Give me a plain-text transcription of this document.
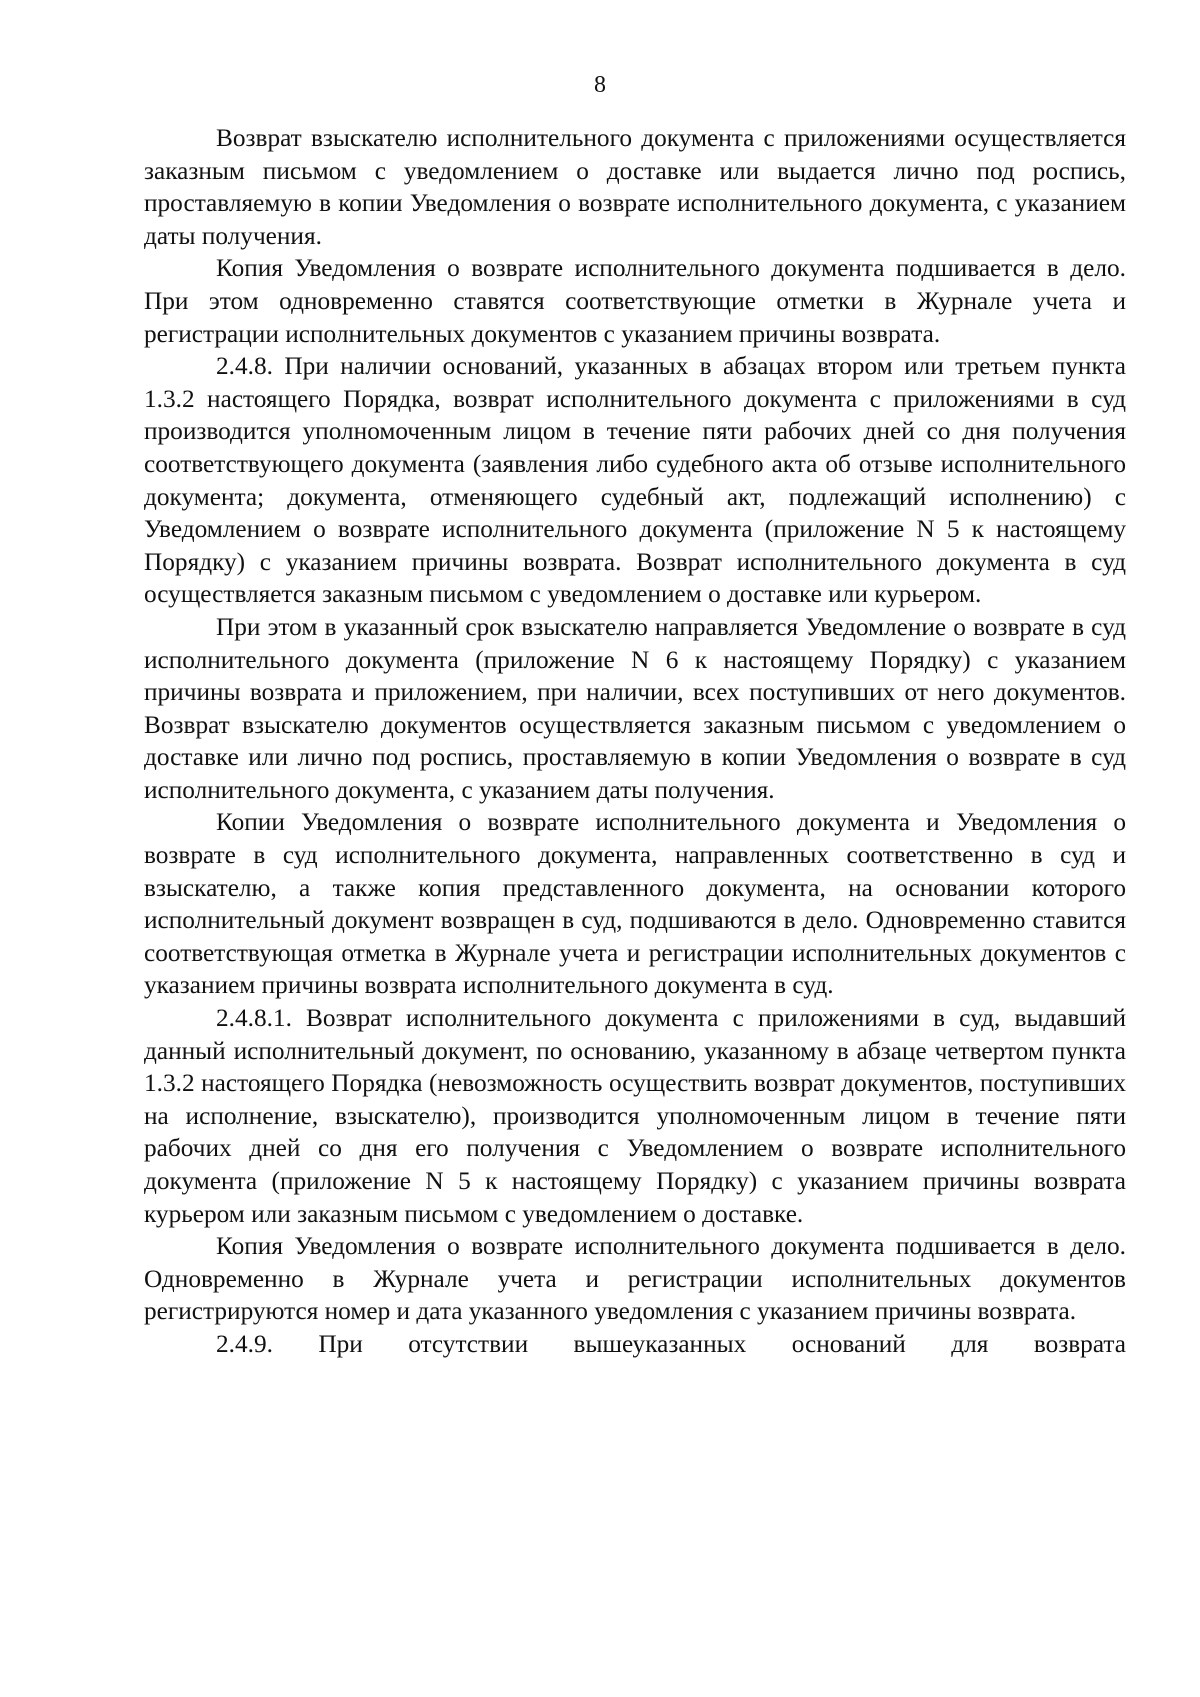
8

Возврат взыскателю исполнительного документа с приложениями осуществляется заказным письмом с уведомлением о доставке или выдается лично под роспись, проставляемую в копии Уведомления о возврате исполнительного документа, с указанием даты получения.

Копия Уведомления о возврате исполнительного документа подшивается в дело. При этом одновременно ставятся соответствующие отметки в Журнале учета и регистрации исполнительных документов с указанием причины возврата.

2.4.8. При наличии оснований, указанных в абзацах втором или третьем пункта 1.3.2 настоящего Порядка, возврат исполнительного документа с приложениями в суд производится уполномоченным лицом в течение пяти рабочих дней со дня получения соответствующего документа (заявления либо судебного акта об отзыве исполнительного документа; документа, отменяющего судебный акт, подлежащий исполнению) с Уведомлением о возврате исполнительного документа (приложение N 5 к настоящему Порядку) с указанием причины возврата. Возврат исполнительного документа в суд осуществляется заказным письмом с уведомлением о доставке или курьером.

При этом в указанный срок взыскателю направляется Уведомление о возврате в суд исполнительного документа (приложение N 6 к настоящему Порядку) с указанием причины возврата и приложением, при наличии, всех поступивших от него документов. Возврат взыскателю документов осуществляется заказным письмом с уведомлением о доставке или лично под роспись, проставляемую в копии Уведомления о возврате в суд исполнительного документа, с указанием даты получения.

Копии Уведомления о возврате исполнительного документа и Уведомления о возврате в суд исполнительного документа, направленных соответственно в суд и взыскателю, а также копия представленного документа, на основании которого исполнительный документ возвращен в суд, подшиваются в дело. Одновременно ставится соответствующая отметка в Журнале учета и регистрации исполнительных документов с указанием причины возврата исполнительного документа в суд.

2.4.8.1. Возврат исполнительного документа с приложениями в суд, выдавший данный исполнительный документ, по основанию, указанному в абзаце четвертом пункта 1.3.2 настоящего Порядка (невозможность осуществить возврат документов, поступивших на исполнение, взыскателю), производится уполномоченным лицом в течение пяти рабочих дней со дня его получения с Уведомлением о возврате исполнительного документа (приложение N 5 к настоящему Порядку) с указанием причины возврата курьером или заказным письмом с уведомлением о доставке.

Копия Уведомления о возврате исполнительного документа подшивается в дело. Одновременно в Журнале учета и регистрации исполнительных документов регистрируются номер и дата указанного уведомления с указанием причины возврата.

2.4.9. При отсутствии вышеуказанных оснований для возврата
